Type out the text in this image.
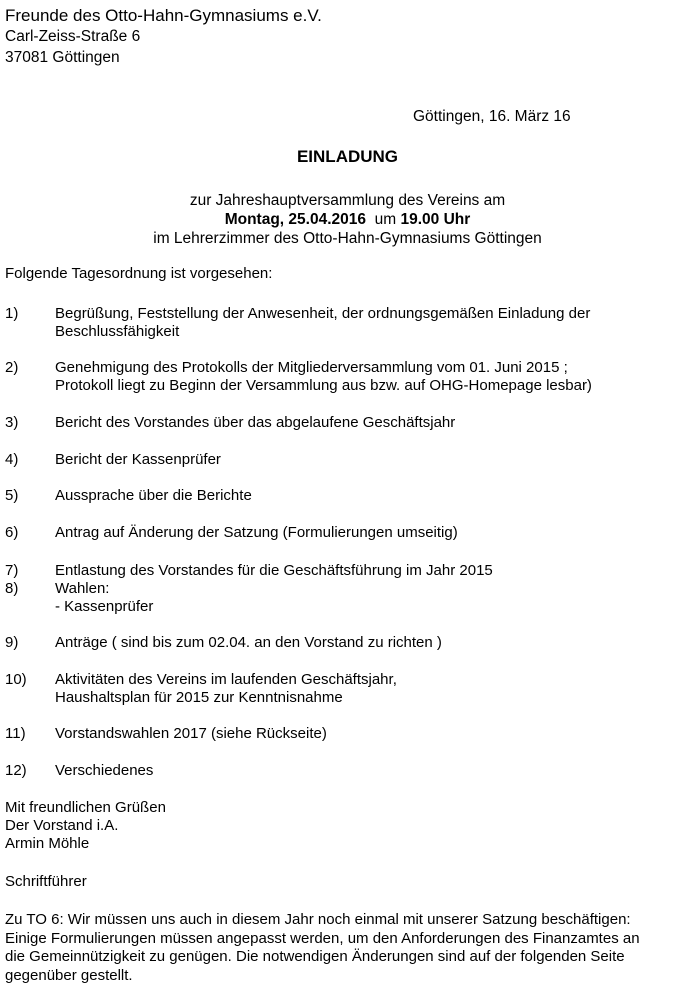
Freunde des Otto-Hahn-Gymnasiums e.V.
Carl-Zeiss-Straße 6
37081 Göttingen
Göttingen, 16. März 16
EINLADUNG
zur Jahreshauptversammlung des Vereins am
Montag, 25.04.2016 um 19.00 Uhr
im Lehrerzimmer des Otto-Hahn-Gymnasiums Göttingen
Folgende Tagesordnung ist vorgesehen:
1)	Begrüßung, Feststellung der Anwesenheit, der ordnungsgemäßen Einladung der
Beschlussfähigkeit
2)	Genehmigung des Protokolls der Mitgliederversammlung vom 01. Juni 2015 ;
Protokoll liegt zu Beginn der Versammlung aus bzw. auf OHG-Homepage lesbar)
3)	Bericht des Vorstandes über das abgelaufene Geschäftsjahr
4)	Bericht der Kassenprüfer
5)	Aussprache über die Berichte
6)	Antrag auf Änderung der Satzung (Formulierungen umseitig)
7)	Entlastung des Vorstandes für die Geschäftsführung im Jahr 2015
8)	Wahlen:
- Kassenprüfer
9)	Anträge ( sind bis zum 02.04. an den Vorstand zu richten )
10)	Aktivitäten des Vereins im laufenden Geschäftsjahr,
Haushaltsplan für 2015 zur Kenntnisnahme
11)	Vorstandswahlen 2017 (siehe Rückseite)
12)	Verschiedenes
Mit freundlichen Grüßen
Der Vorstand i.A.
Armin Möhle
Schriftführer
Zu TO 6: Wir müssen uns auch in diesem Jahr noch einmal mit unserer Satzung beschäftigen:
Einige Formulierungen müssen angepasst werden, um den Anforderungen des Finanzamtes an
die Gemeinnützigkeit zu genügen. Die notwendigen Änderungen sind auf der folgenden Seite
gegenüber gestellt.
